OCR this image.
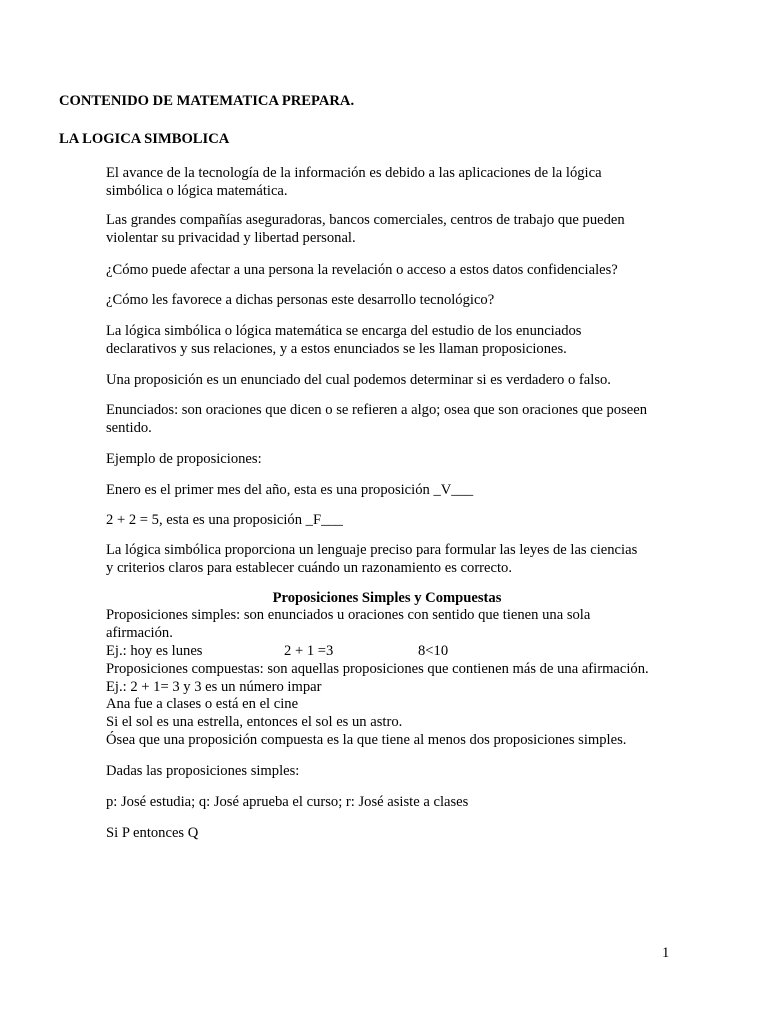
CONTENIDO DE MATEMATICA PREPARA.
LA LOGICA SIMBOLICA
El avance de la tecnología de la información es debido a las aplicaciones de la lógica
simbólica o lógica matemática.
Las grandes compañías aseguradoras, bancos comerciales, centros de trabajo que pueden
violentar su privacidad y libertad personal.
¿Cómo puede afectar a una persona la revelación o acceso a estos datos confidenciales?
¿Cómo les favorece a dichas personas este desarrollo tecnológico?
La lógica simbólica o lógica matemática se encarga del estudio de los enunciados
declarativos y sus relaciones, y a estos enunciados se les llaman proposiciones.
Una proposición es un enunciado del cual podemos determinar si es verdadero o falso.
Enunciados: son oraciones que dicen o se refieren a algo; osea que son oraciones que poseen
sentido.
Ejemplo de proposiciones:
Enero es el primer mes del año, esta es una proposición _V___
2 + 2 = 5, esta es una proposición _F___
La lógica simbólica proporciona un lenguaje preciso para formular las leyes de las ciencias
y criterios claros para establecer cuándo un razonamiento es correcto.
Proposiciones Simples y Compuestas
Proposiciones simples: son enunciados u oraciones con sentido que tienen una sola
afirmación.
Ej.: hoy es lunes	2 + 1 =3	8<10
Proposiciones compuestas: son aquellas proposiciones que contienen más de una afirmación.
Ej.: 2 + 1= 3 y 3 es un número impar
Ana fue a clases o está en el cine
Si el sol es una estrella, entonces el sol es un astro.
Ósea que una proposición compuesta es la que tiene al menos dos proposiciones simples.
Dadas las proposiciones simples:
p: José estudia; q: José aprueba el curso; r: José asiste a clases
Si P entonces Q
1
